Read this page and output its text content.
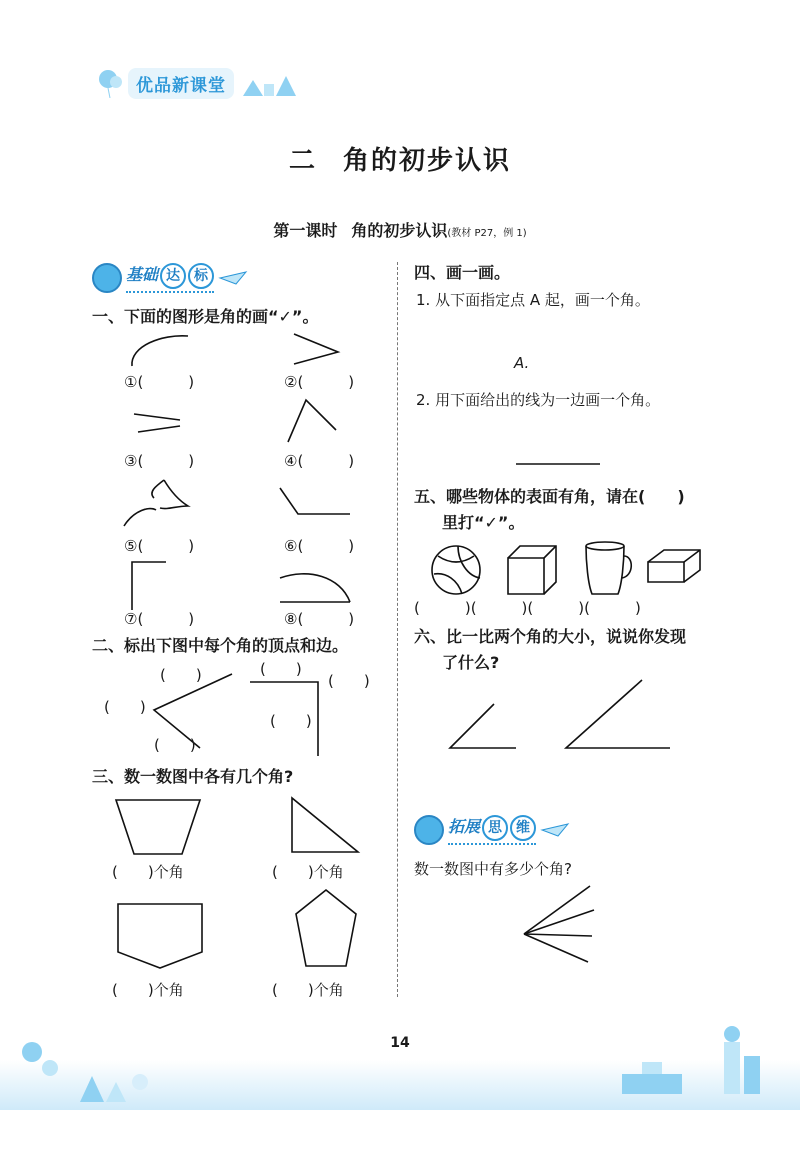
优品新课堂
二 角的初步认识
第一课时 角的初步认识(教材 P27，例 1)
基础 达 标
一、下面的图形是角的画“✓”。
①(　　　)	②(　　　)
③(　　　)	④(　　　)
⑤(　　　)	⑥(　　　)
⑦(　　　)	⑧(　　　)
二、标出下图中每个角的顶点和边。
(　　)
(　　)
(　　)
(　　)
(　　)
(　　)
三、数一数图中各有几个角?
(　　)个角	(　　)个角
(　　)个角	(　　)个角
四、画一画。
1. 从下面指定点 A 起，画一个角。
A.
2. 用下面给出的线为一边画一个角。
五、哪些物体的表面有角，请在(　　)
里打“✓”。
(　　　)(　　　)(　　　)(　　　)
六、比一比两个角的大小，说说你发现
了什么?
拓展 思 维
数一数图中有多少个角?
14
